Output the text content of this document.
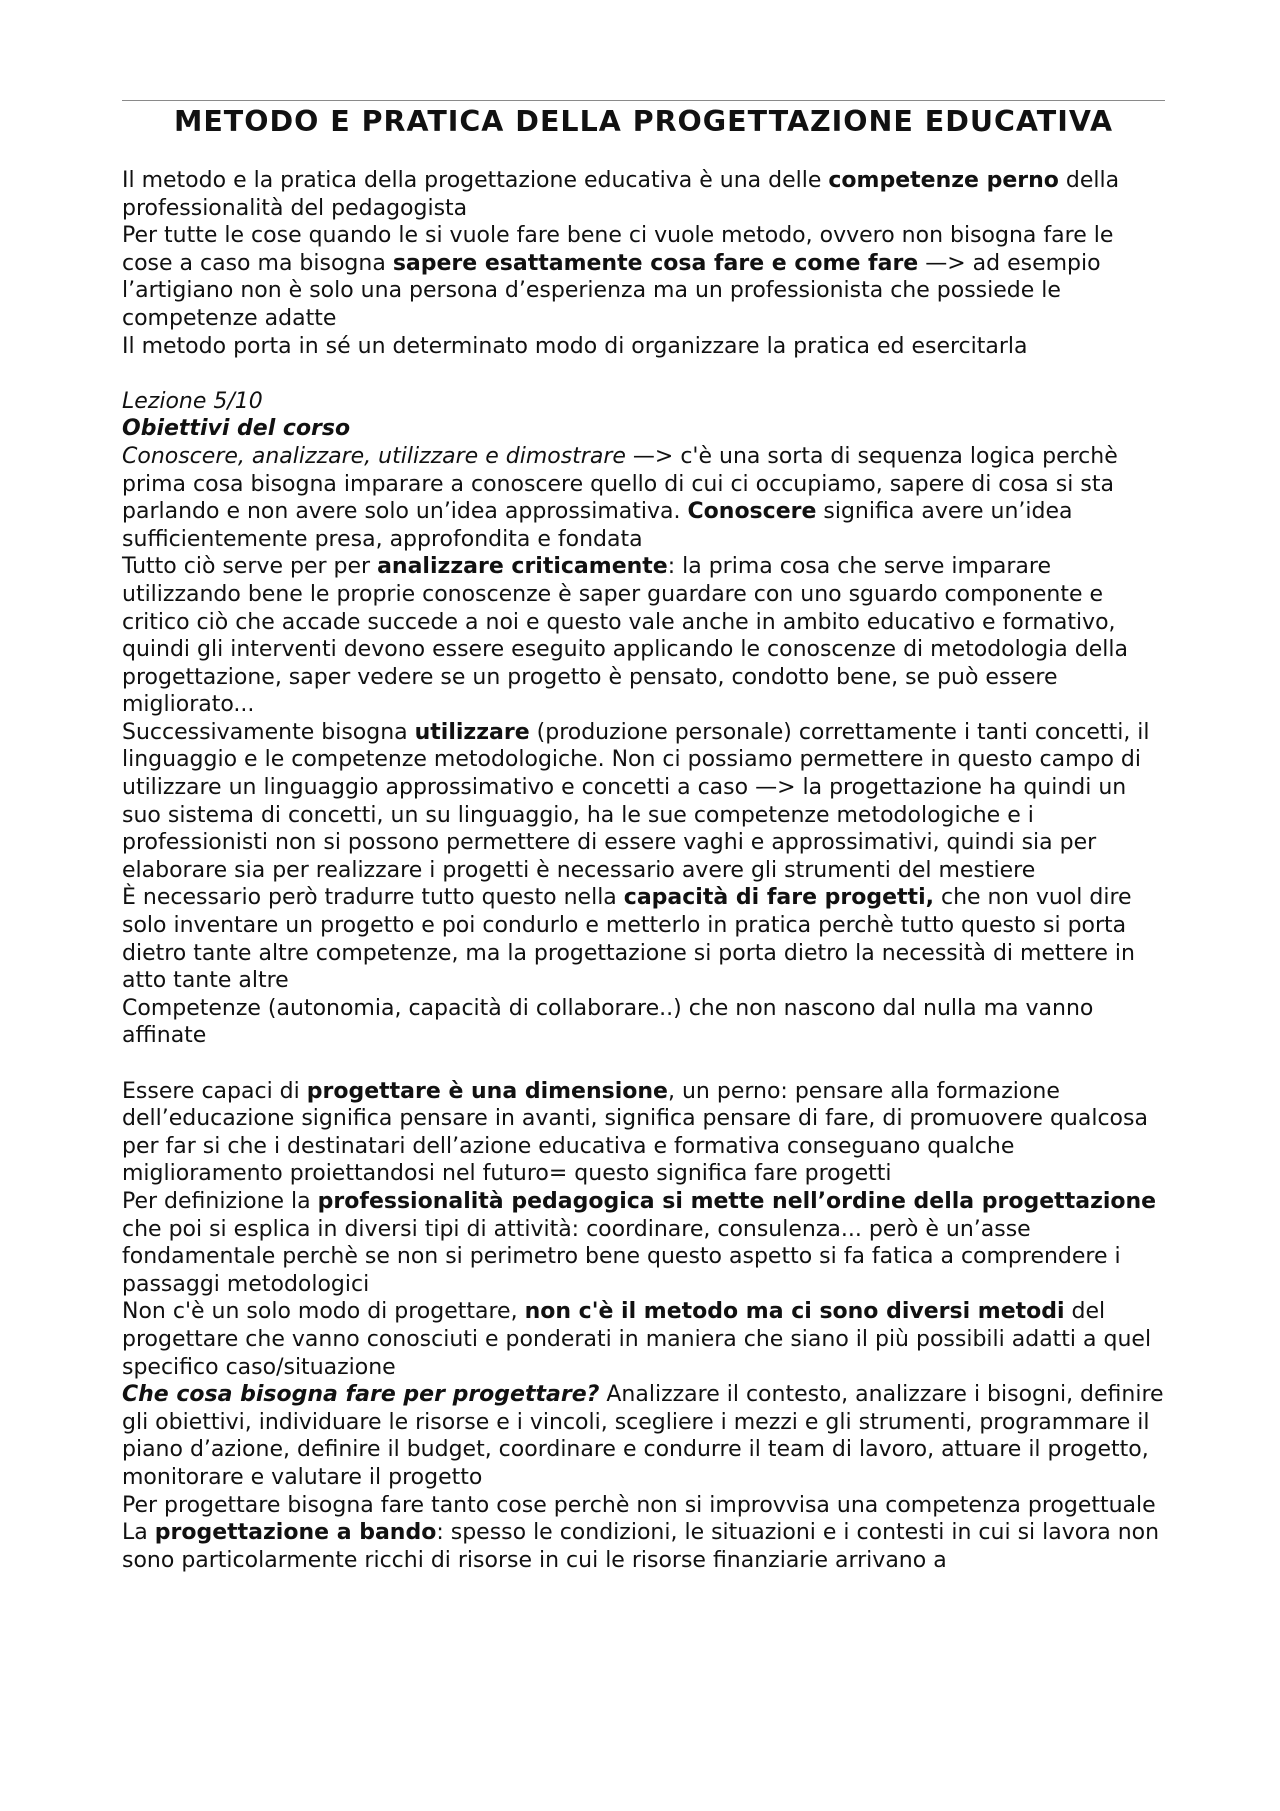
METODO E PRATICA DELLA PROGETTAZIONE EDUCATIVA

Il metodo e la pratica della progettazione educativa è una delle competenze perno della professionalità del pedagogista

Per tutte le cose quando le si vuole fare bene ci vuole metodo, ovvero non bisogna fare le cose a caso ma bisogna sapere esattamente cosa fare e come fare —> ad esempio l’artigiano non è solo una persona d’esperienza ma un professionista che possiede le competenze adatte

Il metodo porta in sé un determinato modo di organizzare la pratica ed esercitarla

Lezione 5/10

Obiettivi del corso

Conoscere, analizzare, utilizzare e dimostrare —> c'è una sorta di sequenza logica perchè prima cosa bisogna imparare a conoscere quello di cui ci occupiamo, sapere di cosa si sta parlando e non avere solo un’idea approssimativa. Conoscere significa avere un’idea sufficientemente presa, approfondita e fondata

Tutto ciò serve per per analizzare criticamente: la prima cosa che serve imparare utilizzando bene le proprie conoscenze è saper guardare con uno sguardo componente e critico ciò che accade succede a noi e questo vale anche in ambito educativo e formativo, quindi gli interventi devono essere eseguito applicando le conoscenze di metodologia della progettazione, saper vedere se un progetto è pensato, condotto bene, se può essere migliorato...

Successivamente bisogna utilizzare (produzione personale) correttamente i tanti concetti, il linguaggio e le competenze metodologiche. Non ci possiamo permettere in questo campo di utilizzare un linguaggio approssimativo e concetti a caso —> la progettazione ha quindi un suo sistema di concetti, un su linguaggio, ha le sue competenze metodologiche e i professionisti non si possono permettere di essere vaghi e approssimativi, quindi sia per elaborare sia per realizzare i progetti è necessario avere gli strumenti del mestiere

È necessario però tradurre tutto questo nella capacità di fare progetti, che non vuol dire solo inventare un progetto e poi condurlo e metterlo in pratica perchè tutto questo si porta dietro tante altre competenze, ma la progettazione si porta dietro la necessità di mettere in atto tante altre

Competenze (autonomia, capacità di collaborare..) che non nascono dal nulla ma vanno affinate

Essere capaci di progettare è una dimensione, un perno: pensare alla formazione dell’educazione significa pensare in avanti, significa pensare di fare, di promuovere qualcosa per far si che i destinatari dell’azione educativa e formativa conseguano qualche miglioramento proiettandosi nel futuro= questo significa fare progetti

Per definizione la professionalità pedagogica si mette nell’ordine della progettazione che poi si esplica in diversi tipi di attività: coordinare, consulenza... però è un’asse fondamentale perchè se non si perimetro bene questo aspetto si fa fatica a comprendere i passaggi metodologici

Non c'è un solo modo di progettare, non c'è il metodo ma ci sono diversi metodi del progettare che vanno conosciuti e ponderati in maniera che siano il più possibili adatti a quel specifico caso/situazione

Che cosa bisogna fare per progettare? Analizzare il contesto, analizzare i bisogni, definire gli obiettivi, individuare le risorse e i vincoli, scegliere i mezzi e gli strumenti, programmare il piano d’azione, definire il budget, coordinare e condurre il team di lavoro, attuare il progetto, monitorare e valutare il progetto

Per progettare bisogna fare tanto cose perchè non si improvvisa una competenza progettuale

La progettazione a bando: spesso le condizioni, le situazioni e i contesti in cui si lavora non sono particolarmente ricchi di risorse in cui le risorse finanziarie arrivano a
